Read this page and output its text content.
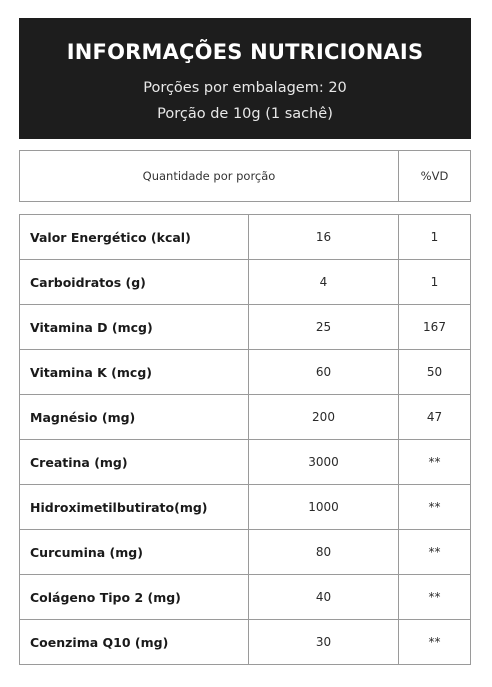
INFORMAÇÕES NUTRICIONAIS
Porções por embalagem: 20
Porção de 10g (1 sachê)
Quantidade por porção	%VD
Valor Energético (kcal)	16	1
Carboidratos (g)	4	1
Vitamina D (mcg)	25	167
Vitamina K (mcg)	60	50
Magnésio (mg)	200	47
Creatina (mg)	3000	**
Hidroximetilbutirato(mg)	1000	**
Curcumina (mg)	80	**
Colágeno Tipo 2 (mg)	40	**
Coenzima Q10 (mg)	30	**
